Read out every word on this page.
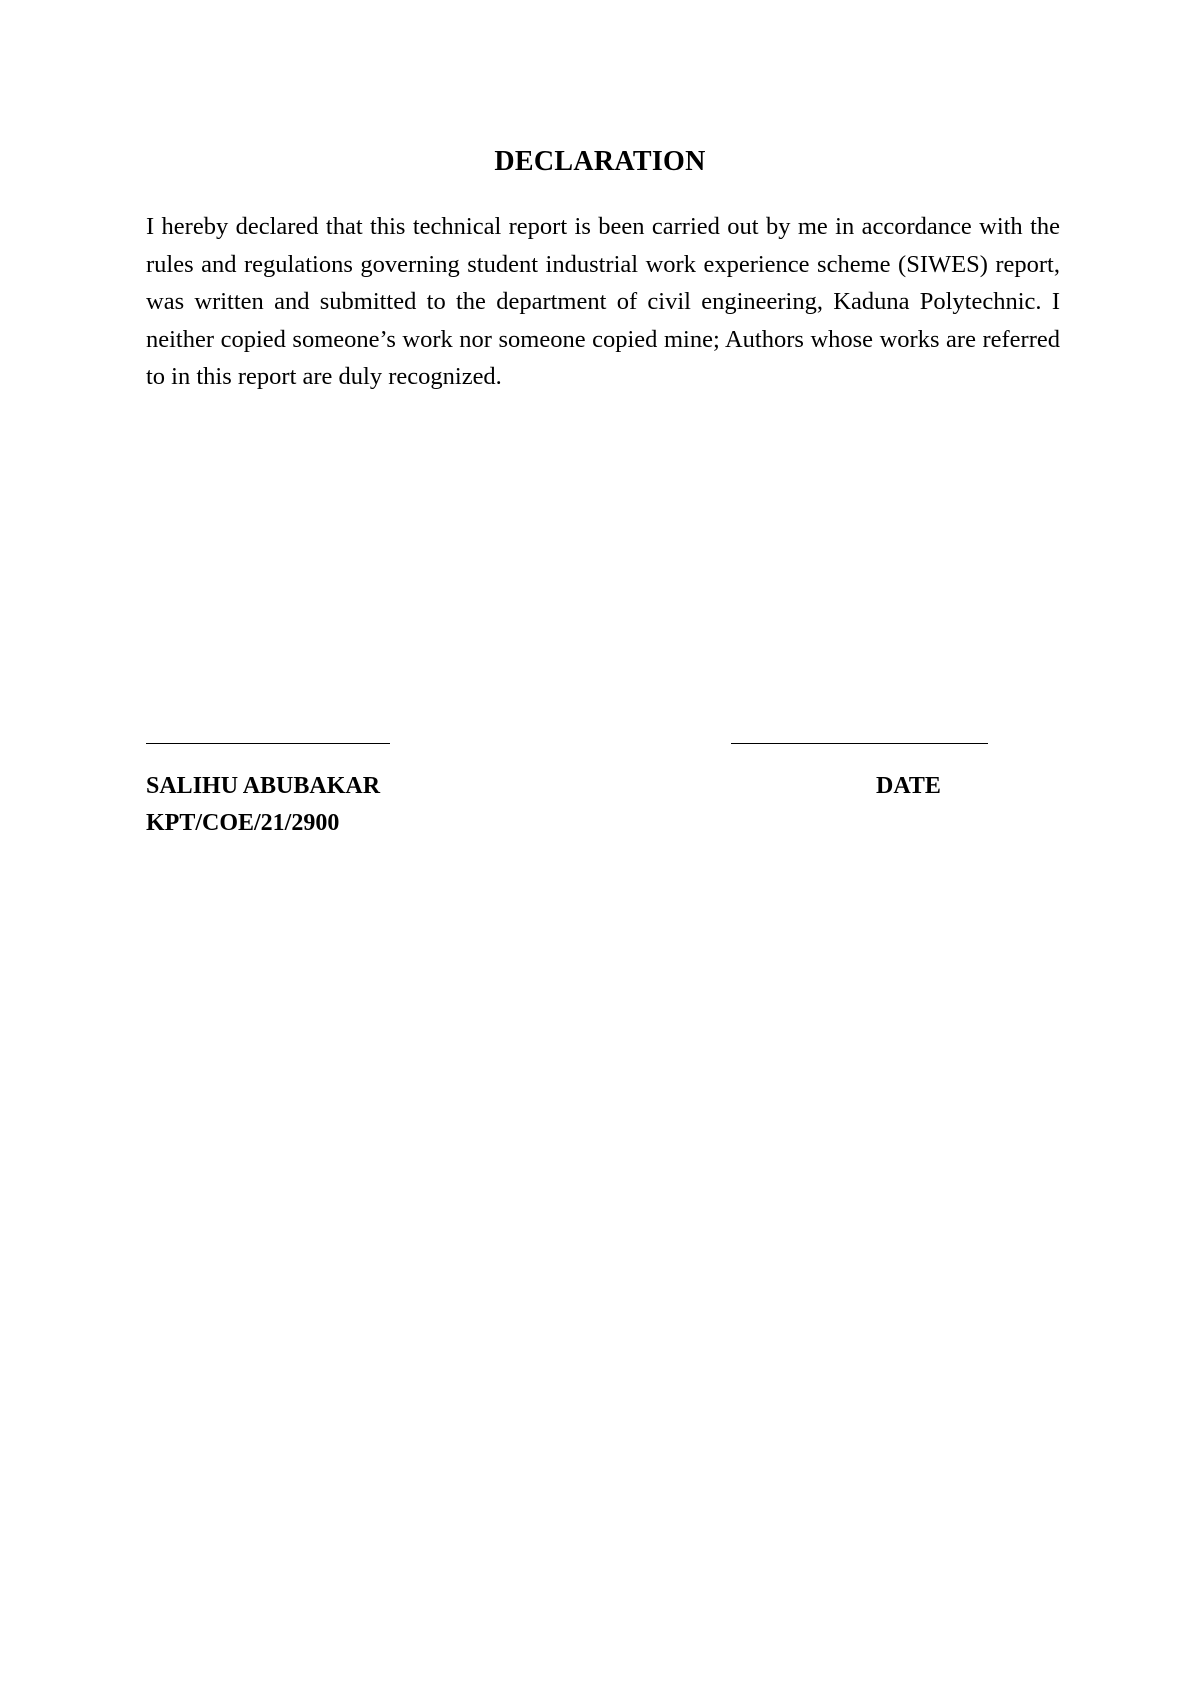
DECLARATION

I hereby declared that this technical report is been carried out by me in accordance with the rules and regulations governing student industrial work experience scheme (SIWES) report, was written and submitted to the department of civil engineering, Kaduna Polytechnic. I neither copied someone’s work nor someone copied mine; Authors whose works are referred to in this report are duly recognized.

SALIHU ABUBAKAR

KPT/COE/21/2900

DATE
